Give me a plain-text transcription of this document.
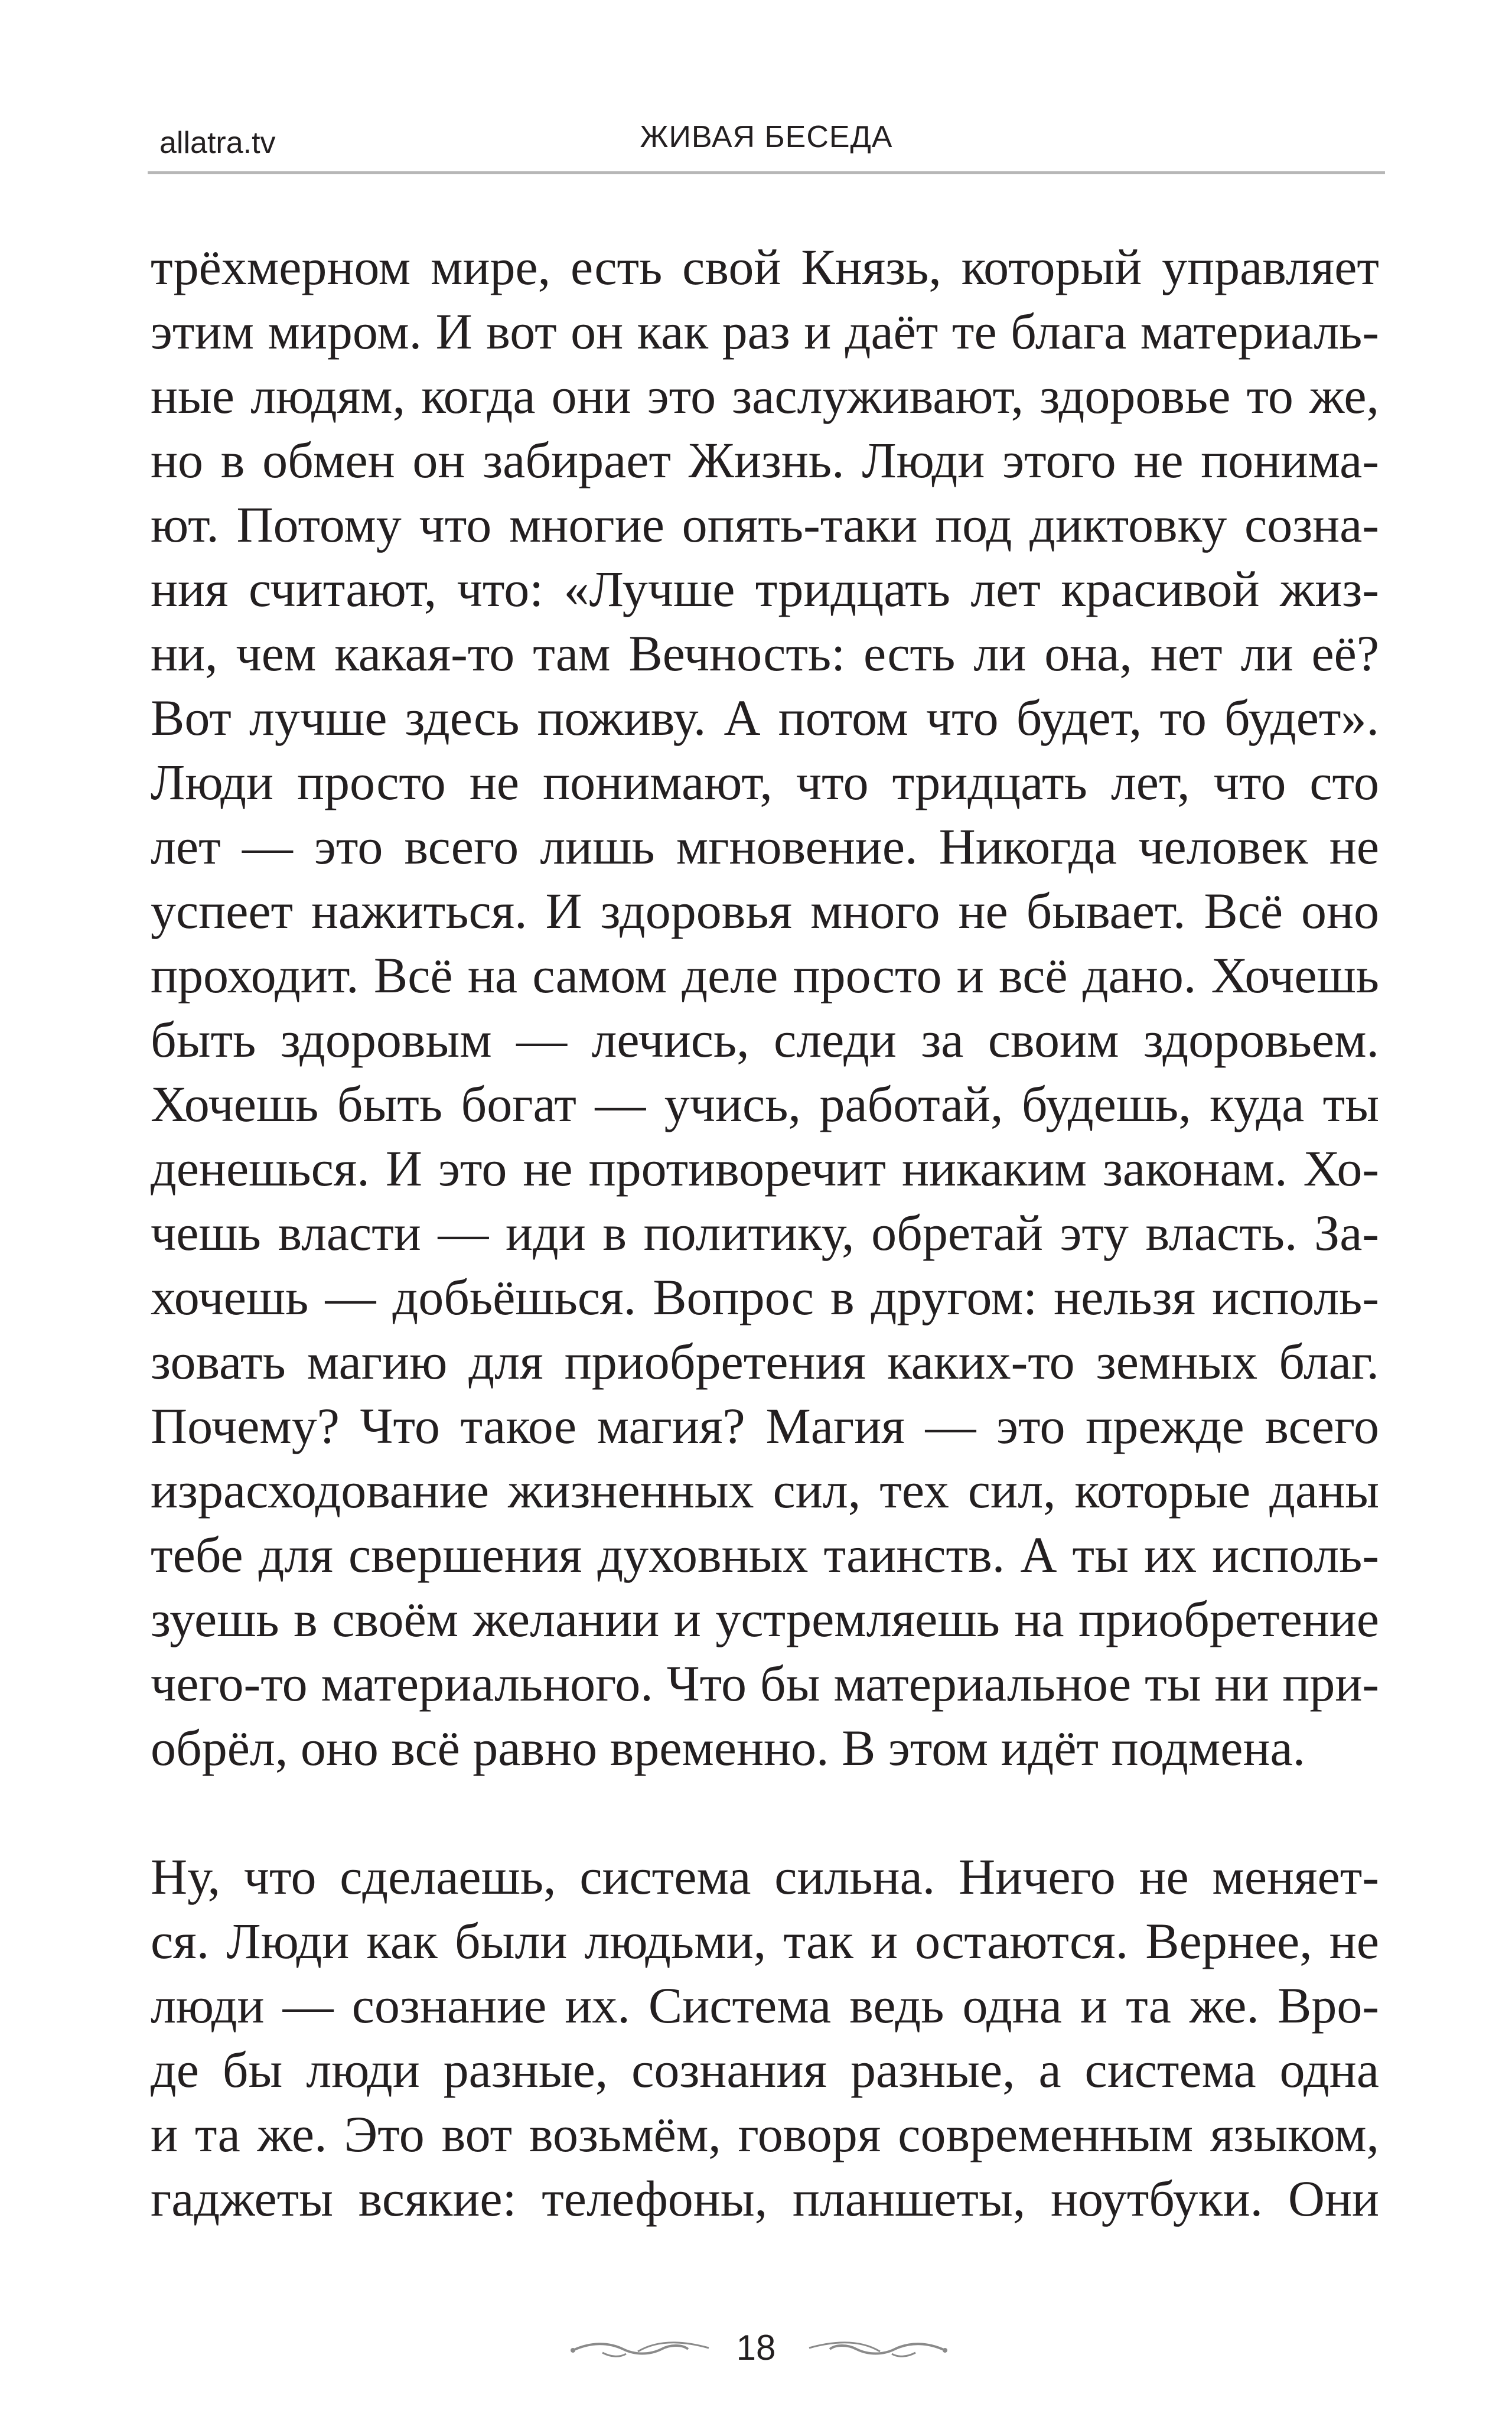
allatra.tv	ЖИВАЯ БЕСЕДА
трёхмерном мире, есть свой Князь, который управляет
этим миром. И вот он как раз и даёт те блага материаль-
ные людям, когда они это заслуживают, здоровье то же,
но в обмен он забирает Жизнь. Люди этого не понима-
ют. Потому что многие опять-таки под диктовку созна-
ния считают, что: «Лучше тридцать лет красивой жиз-
ни, чем какая-то там Вечность: есть ли она, нет ли её?
Вот лучше здесь поживу. А потом что будет, то будет».
Люди просто не понимают, что тридцать лет, что сто
лет — это всего лишь мгновение. Никогда человек не
успеет нажиться. И здоровья много не бывает. Всё оно
проходит. Всё на самом деле просто и всё дано. Хочешь
быть здоровым — лечись, следи за своим здоровьем.
Хочешь быть богат — учись, работай, будешь, куда ты
денешься. И это не противоречит никаким законам. Хо-
чешь власти — иди в политику, обретай эту власть. За-
хочешь — добьёшься. Вопрос в другом: нельзя исполь-
зовать магию для приобретения каких-то земных благ.
Почему? Что такое магия? Магия — это прежде всего
израсходование жизненных сил, тех сил, которые даны
тебе для свершения духовных таинств. А ты их исполь-
зуешь в своём желании и устремляешь на приобретение
чего-то материального. Что бы материальное ты ни при-
обрёл, оно всё равно временно. В этом идёт подмена.
Ну, что сделаешь, система сильна. Ничего не меняет-
ся. Люди как были людьми, так и остаются. Вернее, не
люди — сознание их. Система ведь одна и та же. Вро-
де бы люди разные, сознания разные, а система одна
и та же. Это вот возьмём, говоря современным языком,
гаджеты всякие: телефоны, планшеты, ноутбуки. Они
18
